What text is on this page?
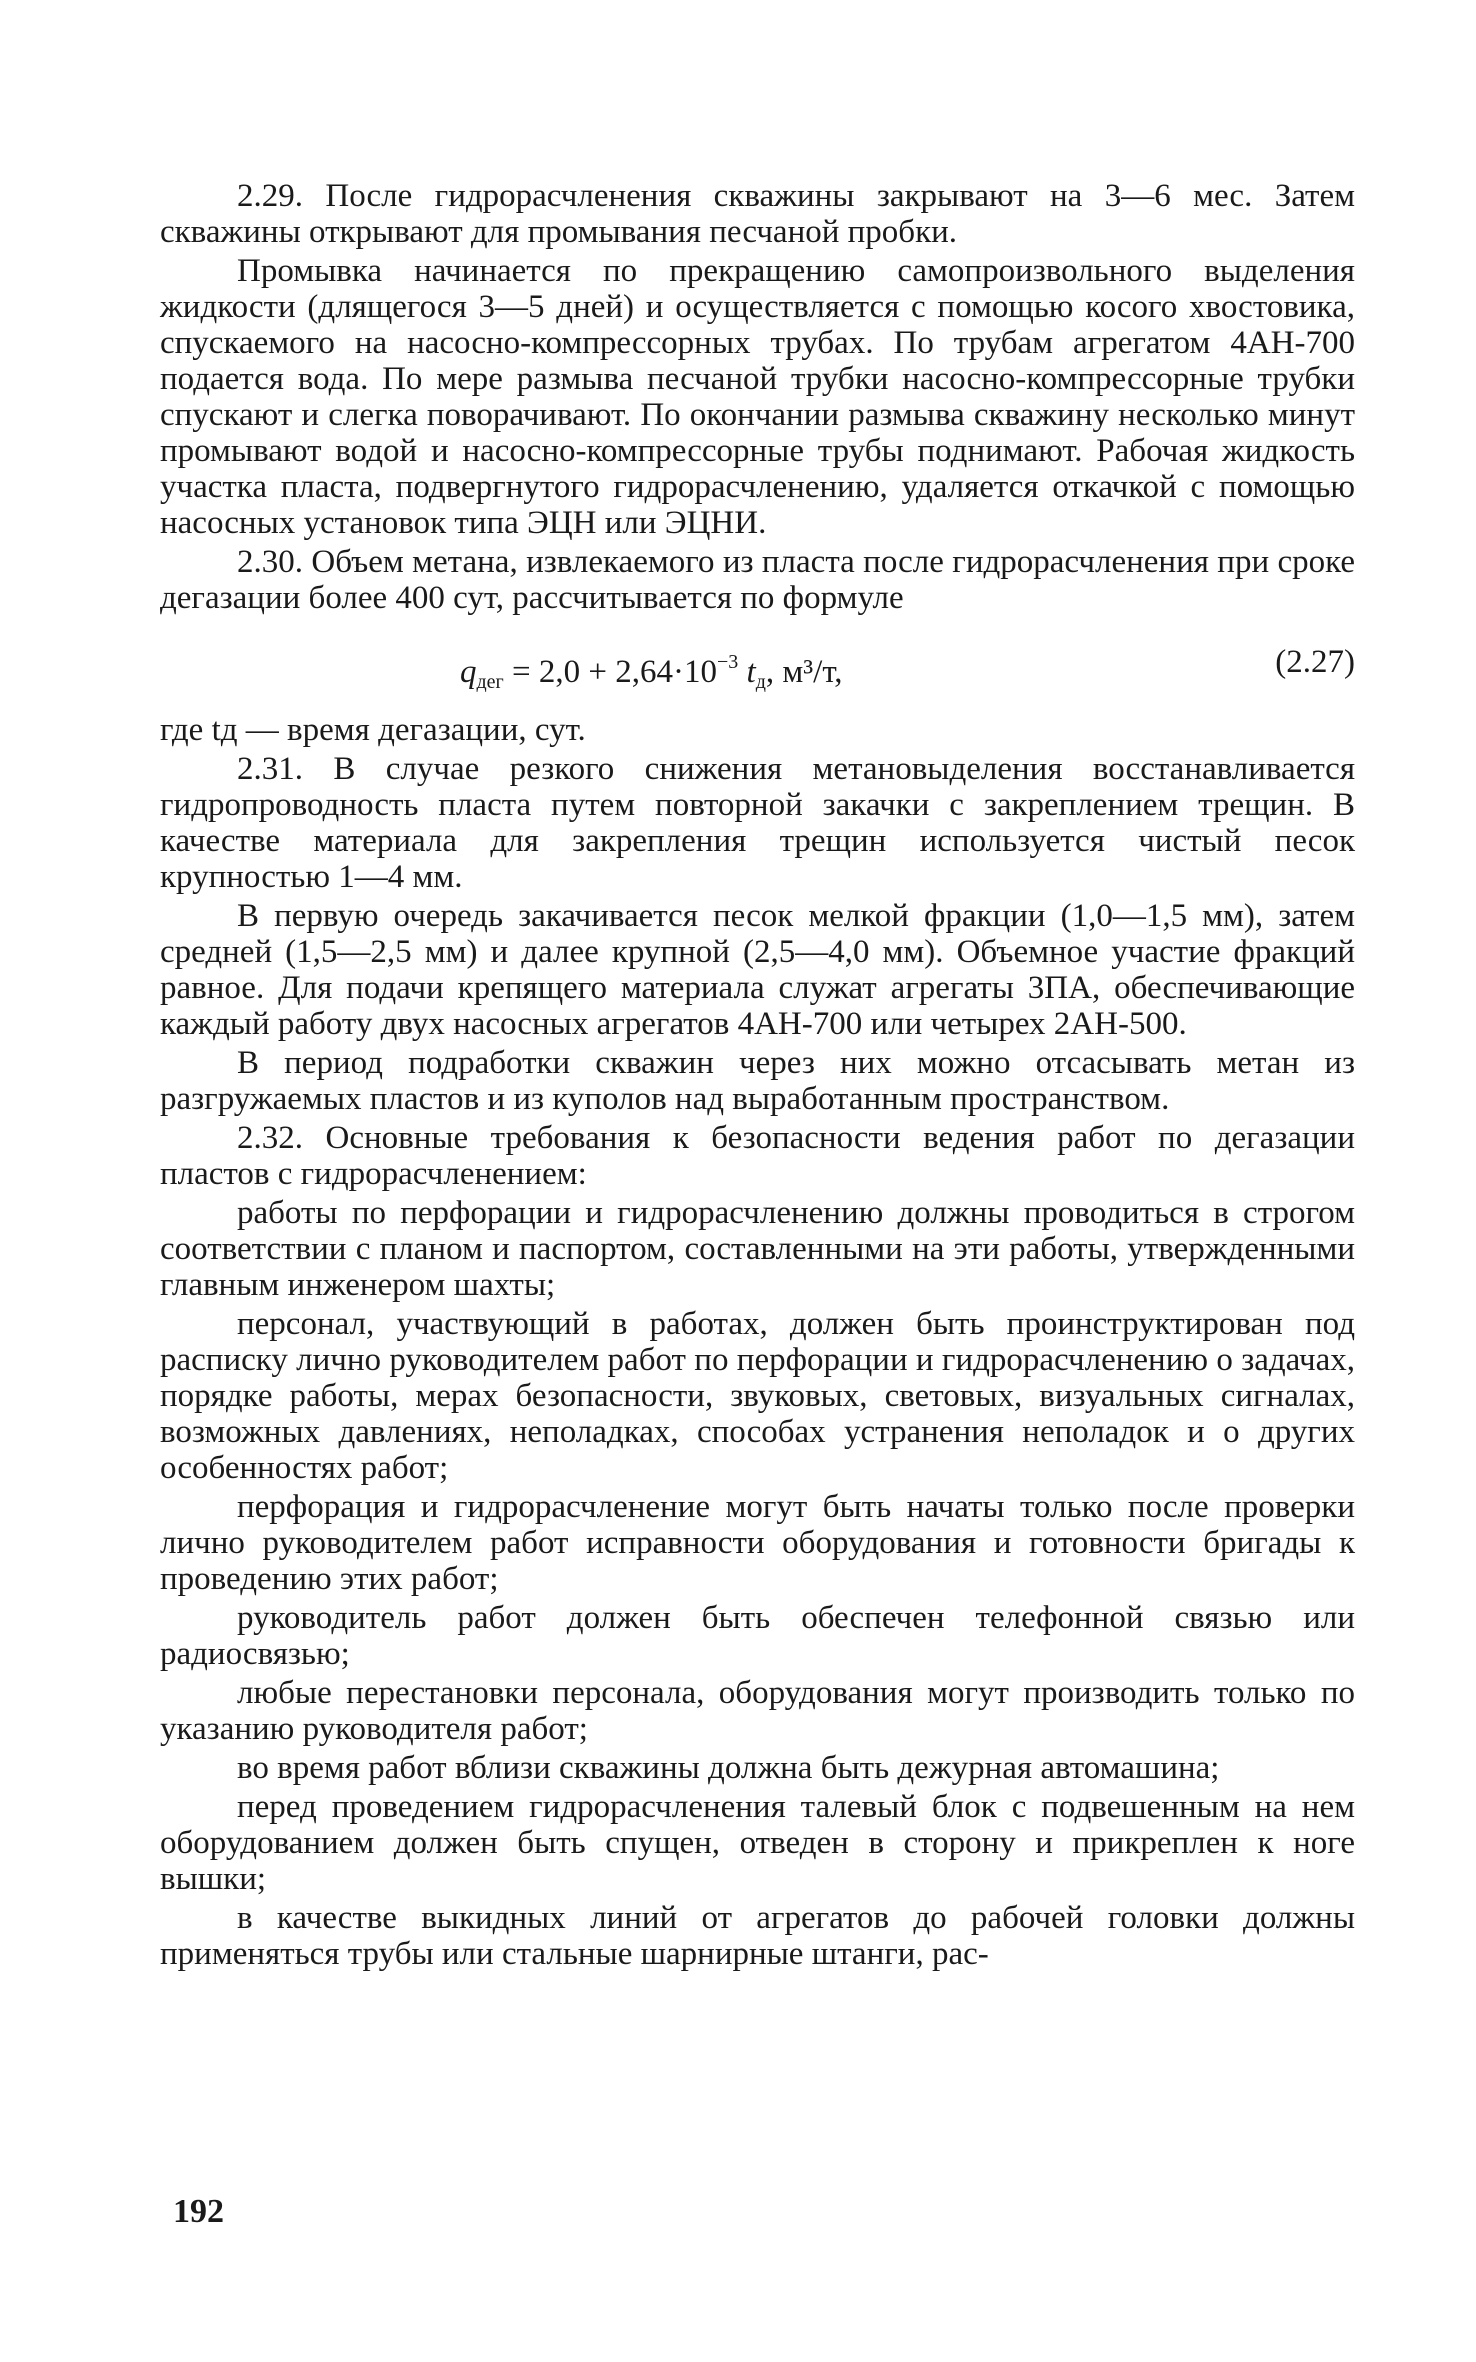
2.29. После гидрорасчленения скважины закрывают на 3—6 мес. Затем скважины открывают для промывания песчаной пробки.

Промывка начинается по прекращению самопроизвольного выделения жидкости (длящегося 3—5 дней) и осуществляется с помощью косого хвостовика, спускаемого на насосно-компрессорных трубах. По трубам агрегатом 4АН-700 подается вода. По мере размыва песчаной трубки насосно-компрессорные трубки спускают и слегка поворачивают. По окончании размыва скважину несколько минут промывают водой и насосно-компрессорные трубы поднимают. Рабочая жидкость участка пласта, подвергнутого гидрорасчленению, удаляется откачкой с помощью насосных установок типа ЭЦН или ЭЦНИ.

2.30. Объем метана, извлекаемого из пласта после гидрорасчленения при сроке дегазации более 400 сут, рассчитывается по формуле

$q_{дег} = 2,0 + 2,64\cdot 10^{-3}$ $t_д$, м³/т,	(2.27)

где tд — время дегазации, сут.

2.31. В случае резкого снижения метановыделения восстанавливается гидропроводность пласта путем повторной закачки с закреплением трещин. В качестве материала для закрепления трещин используется чистый песок крупностью 1—4 мм.

В первую очередь закачивается песок мелкой фракции (1,0—1,5 мм), затем средней (1,5—2,5 мм) и далее крупной (2,5—4,0 мм). Объемное участие фракций равное. Для подачи крепящего материала служат агрегаты 3ПА, обеспечивающие каждый работу двух насосных агрегатов 4АН-700 или четырех 2АН-500.

В период подработки скважин через них можно отсасывать метан из разгружаемых пластов и из куполов над выработанным пространством.

2.32. Основные требования к безопасности ведения работ по дегазации пластов с гидрорасчленением:

работы по перфорации и гидрорасчленению должны проводиться в строгом соответствии с планом и паспортом, составленными на эти работы, утвержденными главным инженером шахты;

персонал, участвующий в работах, должен быть проинструктирован под расписку лично руководителем работ по перфорации и гидрорасчленению о задачах, порядке работы, мерах безопасности, звуковых, световых, визуальных сигналах, возможных давлениях, неполадках, способах устранения неполадок и о других особенностях работ;

перфорация и гидрорасчленение могут быть начаты только после проверки лично руководителем работ исправности оборудования и готовности бригады к проведению этих работ;

руководитель работ должен быть обеспечен телефонной связью или радиосвязью;

любые перестановки персонала, оборудования могут производить только по указанию руководителя работ;

во время работ вблизи скважины должна быть дежурная автомашина;

перед проведением гидрорасчленения талевый блок с подвешенным на нем оборудованием должен быть спущен, отведен в сторону и прикреплен к ноге вышки;

в качестве выкидных линий от агрегатов до рабочей головки должны применяться трубы или стальные шарнирные штанги, рас-

192
